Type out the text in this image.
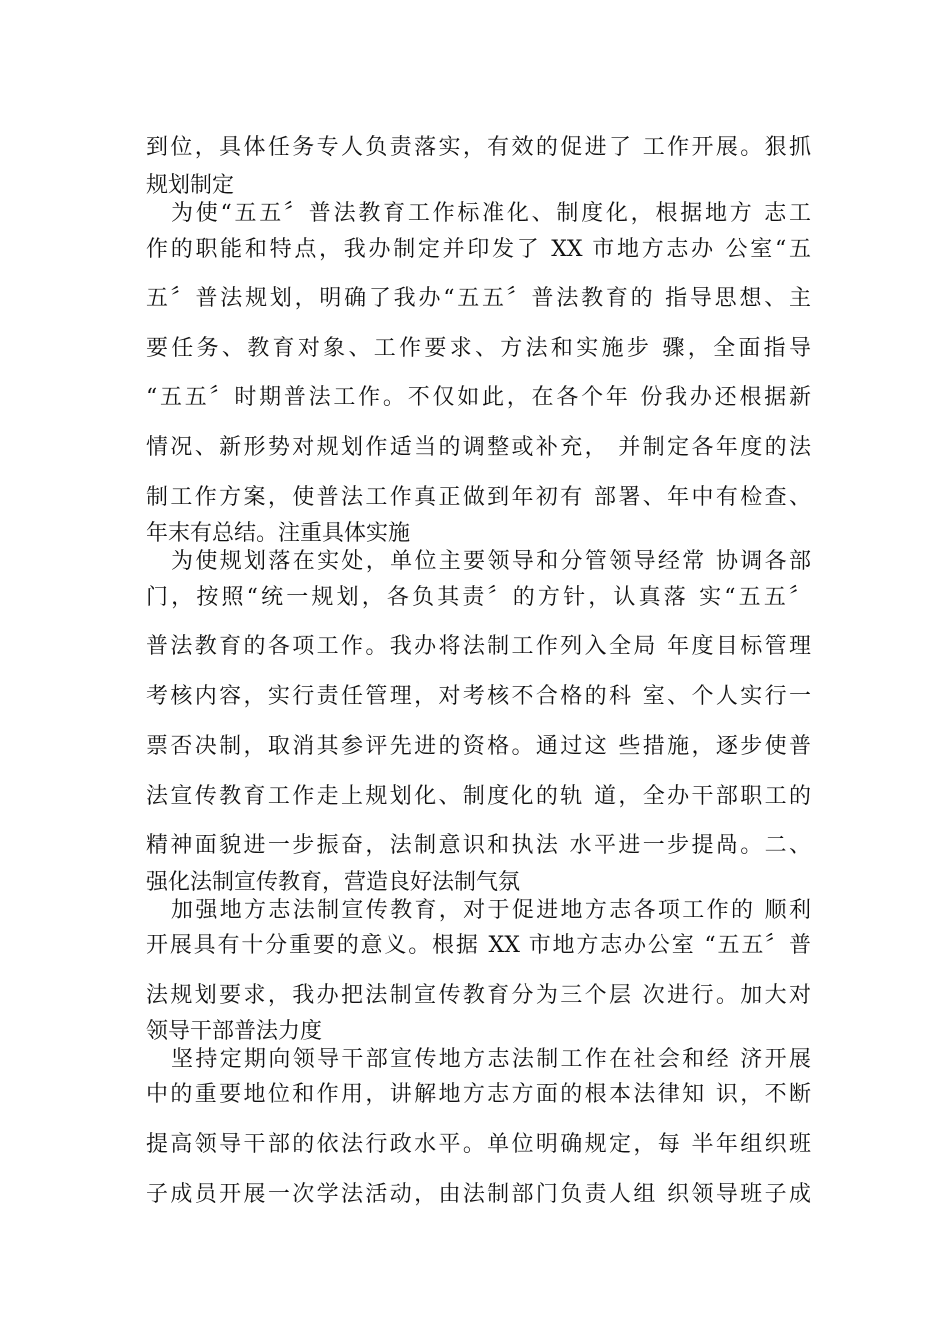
到位，具体任务专人负责落实，有效的促进了 工作开展。狠抓

规划制定

为使“五五〞普法教育工作标准化、制度化，根据地方 志工

作的职能和特点，我办制定并印发了 XX 市地方志办 公室“五

五〞普法规划，明确了我办“五五〞普法教育的 指导思想、主

要任务、教育对象、工作要求、方法和实施步 骤，全面指导

“五五〞时期普法工作。不仅如此，在各个年 份我办还根据新

情况、新形势对规划作适当的调整或补充， 并制定各年度的法

制工作方案，使普法工作真正做到年初有 部署、年中有检查、

年末有总结。注重具体实施

为使规划落在实处，单位主要领导和分管领导经常 协调各部

门，按照“统一规划，各负其责〞的方针，认真落 实“五五〞

普法教育的各项工作。我办将法制工作列入全局 年度目标管理

考核内容，实行责任管理，对考核不合格的科 室、个人实行一

票否决制，取消其参评先进的资格。通过这 些措施，逐步使普

法宣传教育工作走上规划化、制度化的轨 道，全办干部职工的

精神面貌进一步振奋，法制意识和执法 水平进一步提咼。二、

强化法制宣传教育，营造良好法制气氛

加强地方志法制宣传教育，对于促进地方志各项工作的 顺利

开展具有十分重要的意义。根据 XX 市地方志办公室 “五五〞普

法规划要求，我办把法制宣传教育分为三个层 次进行。加大对

领导干部普法力度

坚持定期向领导干部宣传地方志法制工作在社会和经 济开展

中的重要地位和作用，讲解地方志方面的根本法律知 识，不断

提高领导干部的依法行政水平。单位明确规定，每 半年组织班

子成员开展一次学法活动，由法制部门负责人组 织领导班子成
